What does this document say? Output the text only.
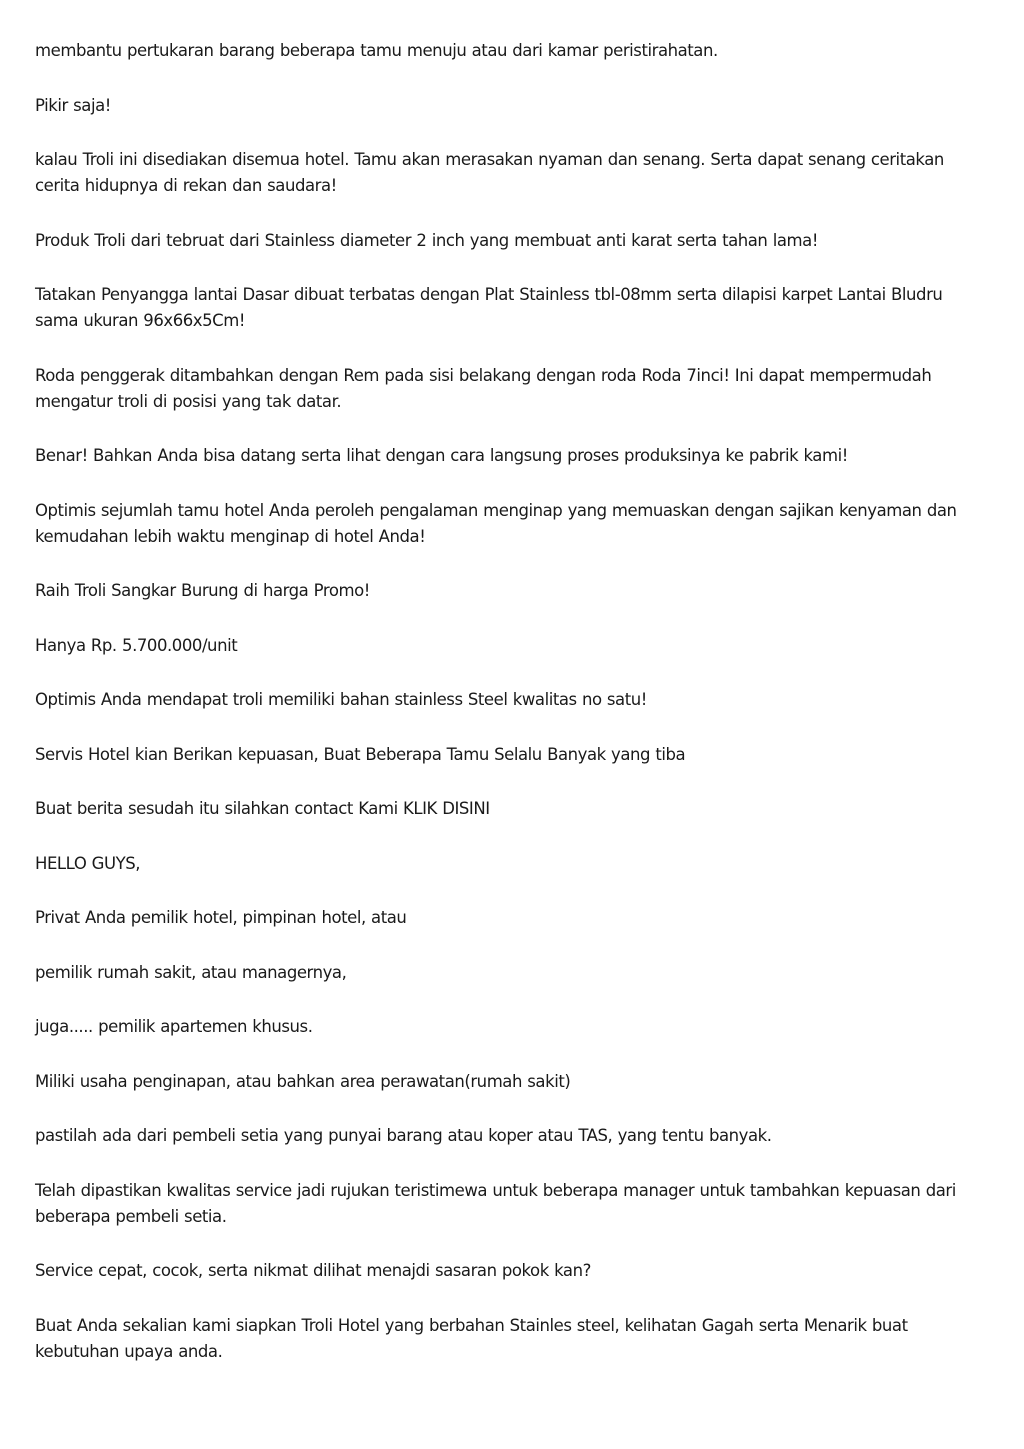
membantu pertukaran barang beberapa tamu menuju atau dari kamar peristirahatan.

Pikir saja!

kalau Troli ini disediakan disemua hotel. Tamu akan merasakan nyaman dan senang. Serta dapat senang ceritakan cerita hidupnya di rekan dan saudara!

Produk Troli dari tebruat dari Stainless diameter 2 inch yang membuat anti karat serta tahan lama!

Tatakan Penyangga lantai Dasar dibuat terbatas dengan Plat Stainless tbl-08mm serta dilapisi karpet Lantai Bludru sama ukuran 96x66x5Cm!

Roda penggerak ditambahkan dengan Rem pada sisi belakang dengan roda Roda 7inci! Ini dapat mempermudah mengatur troli di posisi yang tak datar.

Benar! Bahkan Anda bisa datang serta lihat dengan cara langsung proses produksinya ke pabrik kami!

Optimis sejumlah tamu hotel Anda peroleh pengalaman menginap yang memuaskan dengan sajikan kenyaman dan kemudahan lebih waktu menginap di hotel Anda!

Raih Troli Sangkar Burung di harga Promo!

Hanya Rp. 5.700.000/unit

Optimis Anda mendapat troli memiliki bahan stainless Steel kwalitas no satu!

Servis Hotel kian Berikan kepuasan, Buat Beberapa Tamu Selalu Banyak yang tiba

Buat berita sesudah itu silahkan contact Kami KLIK DISINI

HELLO GUYS,

Privat Anda pemilik hotel, pimpinan hotel, atau

pemilik rumah sakit, atau managernya,

juga..... pemilik apartemen khusus.

Miliki usaha penginapan, atau bahkan area perawatan(rumah sakit)

pastilah ada dari pembeli setia yang punyai barang atau koper atau TAS, yang tentu banyak.

Telah dipastikan kwalitas service jadi rujukan teristimewa untuk beberapa manager untuk tambahkan kepuasan dari beberapa pembeli setia.

Service cepat, cocok, serta nikmat dilihat menajdi sasaran pokok kan?

Buat Anda sekalian kami siapkan Troli Hotel yang berbahan Stainles steel, kelihatan Gagah serta Menarik buat kebutuhan upaya anda.
